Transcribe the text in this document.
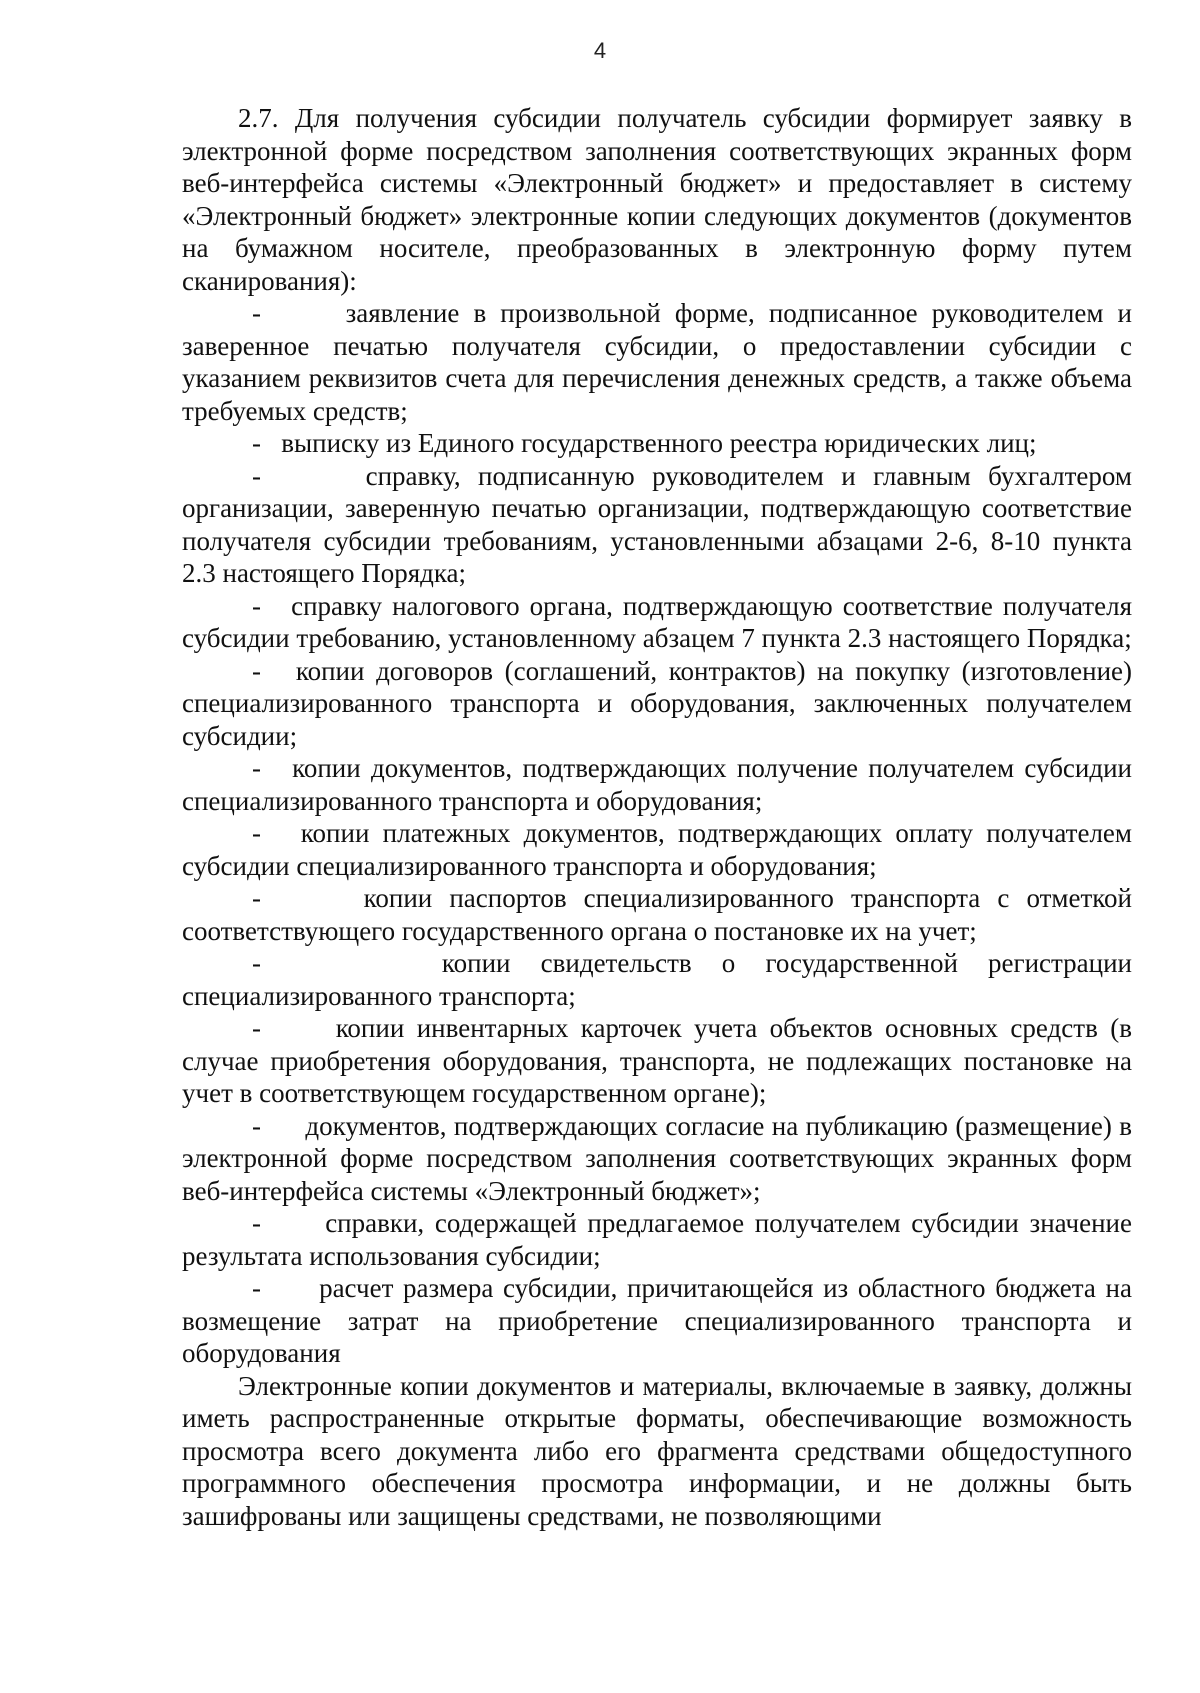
4

2.7. Для получения субсидии получатель субсидии формирует заявку в электронной форме посредством заполнения соответствующих экранных форм веб-интерфейса системы «Электронный бюджет» и предоставляет в систему «Электронный бюджет» электронные копии следующих документов (документов на бумажном носителе, преобразованных в электронную форму путем сканирования):

-      заявление в произвольной форме, подписанное руководителем и заверенное печатью получателя субсидии, о предоставлении субсидии с указанием реквизитов счета для перечисления денежных средств, а также объема требуемых средств;

-   выписку из Единого государственного реестра юридических лиц;

-      справку, подписанную руководителем и главным бухгалтером организации, заверенную печатью организации, подтверждающую соответствие получателя субсидии требованиям, установленными абзацами 2-6, 8-10 пункта 2.3 настоящего Порядка;

-   справку налогового органа, подтверждающую соответствие получателя субсидии требованию, установленному абзацем 7 пункта 2.3 настоящего Порядка;

-   копии договоров (соглашений, контрактов) на покупку (изготовление) специализированного транспорта и оборудования, заключенных получателем субсидии;

-   копии документов, подтверждающих получение получателем субсидии специализированного транспорта и оборудования;

-   копии платежных документов, подтверждающих оплату получателем субсидии специализированного транспорта и оборудования;

-      копии паспортов специализированного транспорта с отметкой соответствующего государственного органа о постановке их на учет;

-      копии свидетельств о государственной регистрации специализированного транспорта;

-      копии инвентарных карточек учета объектов основных средств (в случае приобретения оборудования, транспорта, не подлежащих постановке на учет в соответствующем государственном органе);

-      документов, подтверждающих согласие на публикацию (размещение) в электронной форме посредством заполнения соответствующих экранных форм веб-интерфейса системы «Электронный бюджет»;

-      справки, содержащей предлагаемое получателем субсидии значение результата использования субсидии;

-      расчет размера субсидии, причитающейся из областного бюджета на возмещение затрат на приобретение специализированного транспорта и оборудования

Электронные копии документов и материалы, включаемые в заявку, должны иметь распространенные открытые форматы, обеспечивающие возможность просмотра всего документа либо его фрагмента средствами общедоступного программного обеспечения просмотра информации, и не должны быть зашифрованы или защищены средствами, не позволяющими
